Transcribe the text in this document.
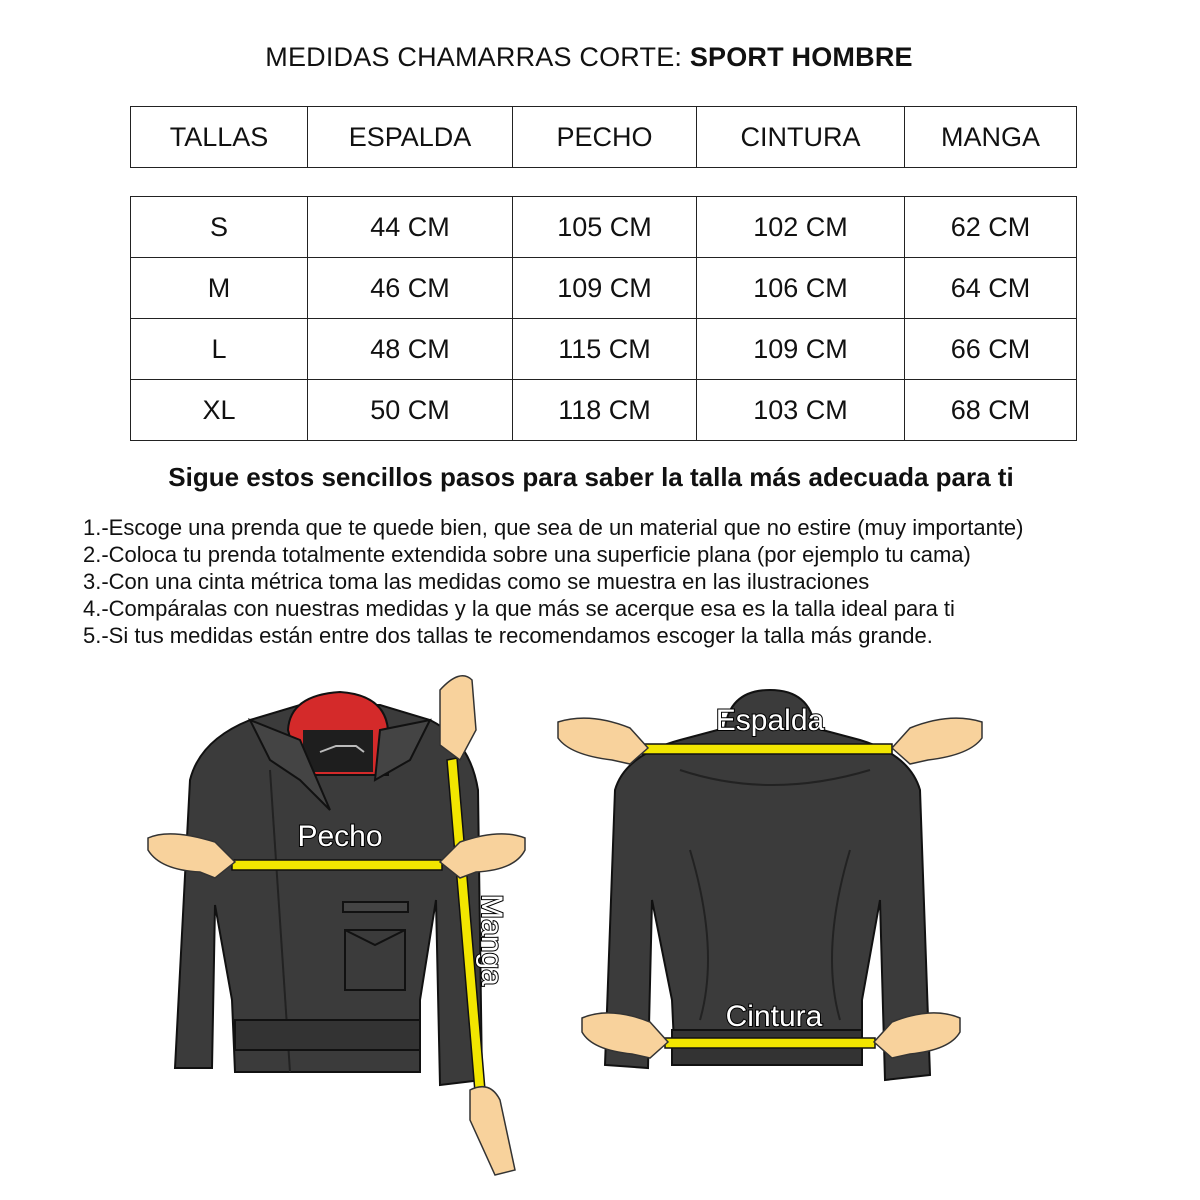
MEDIDAS CHAMARRAS CORTE: SPORT HOMBRE
TALLAS	ESPALDA	PECHO	CINTURA	MANGA
S	44 CM	105 CM	102 CM	62 CM
M	46 CM	109 CM	106 CM	64 CM
L	48 CM	115 CM	109 CM	66 CM
XL	50 CM	118 CM	103 CM	68 CM
Sigue estos sencillos pasos para saber la talla más adecuada para ti
1.-Escoge una prenda que te quede bien, que sea de un material que no estire (muy importante)
2.-Coloca tu prenda totalmente extendida sobre una superficie plana (por ejemplo tu cama)
3.-Con una cinta métrica toma las medidas como se muestra en las ilustraciones
4.-Compáralas con nuestras medidas y la que más se acerque esa es la talla ideal para ti
5.-Si tus medidas están entre dos tallas te recomendamos escoger la talla más grande.
Pecho
Manga
Espalda
Cintura
